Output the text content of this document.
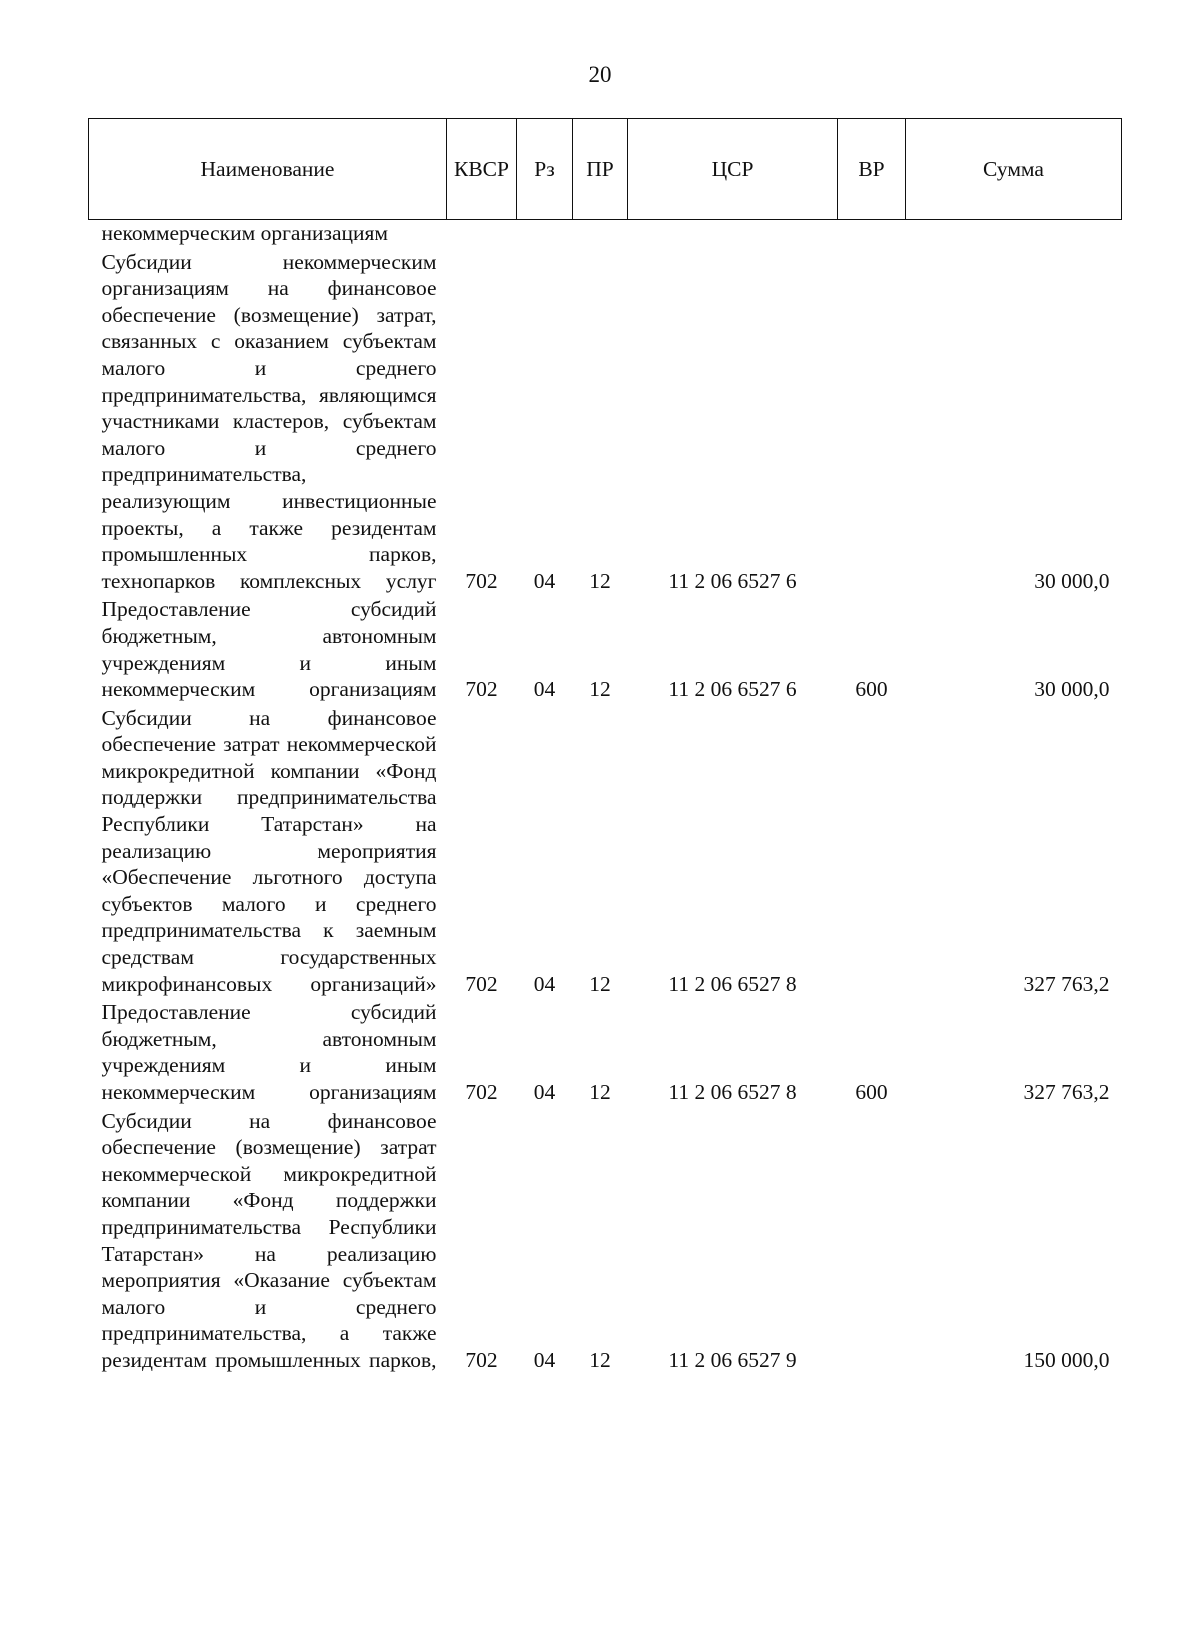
20
Наименование	КВСР	Рз	ПР	ЦСР	ВР	Сумма
некоммерческим организациям						
Субсидии некоммерческим организациям на финансовое обеспечение (возмещение) затрат, связанных с оказанием субъектам малого и среднего предпринимательства, являющимся участниками кластеров, субъектам малого и среднего предпринимательства, реализующим инвестиционные проекты, а также резидентам промышленных парков, технопарков комплексных услуг	702	04	12	11 2 06 6527 6		30 000,0
Предоставление субсидий бюджетным, автономным учреждениям и иным некоммерческим организациям	702	04	12	11 2 06 6527 6	600	30 000,0
Субсидии на финансовое обеспечение затрат некоммерческой микрокредитной компании «Фонд поддержки предпринимательства Республики Татарстан» на реализацию мероприятия «Обеспечение льготного доступа субъектов малого и среднего предпринимательства к заемным средствам государственных микрофинансовых организаций»	702	04	12	11 2 06 6527 8		327 763,2
Предоставление субсидий бюджетным, автономным учреждениям и иным некоммерческим организациям	702	04	12	11 2 06 6527 8	600	327 763,2
Субсидии на финансовое обеспечение (возмещение) затрат некоммерческой микрокредитной компании «Фонд поддержки предпринимательства Республики Татарстан» на реализацию мероприятия «Оказание субъектам малого и среднего предпринимательства, а также резидентам промышленных парков,	702	04	12	11 2 06 6527 9		150 000,0
